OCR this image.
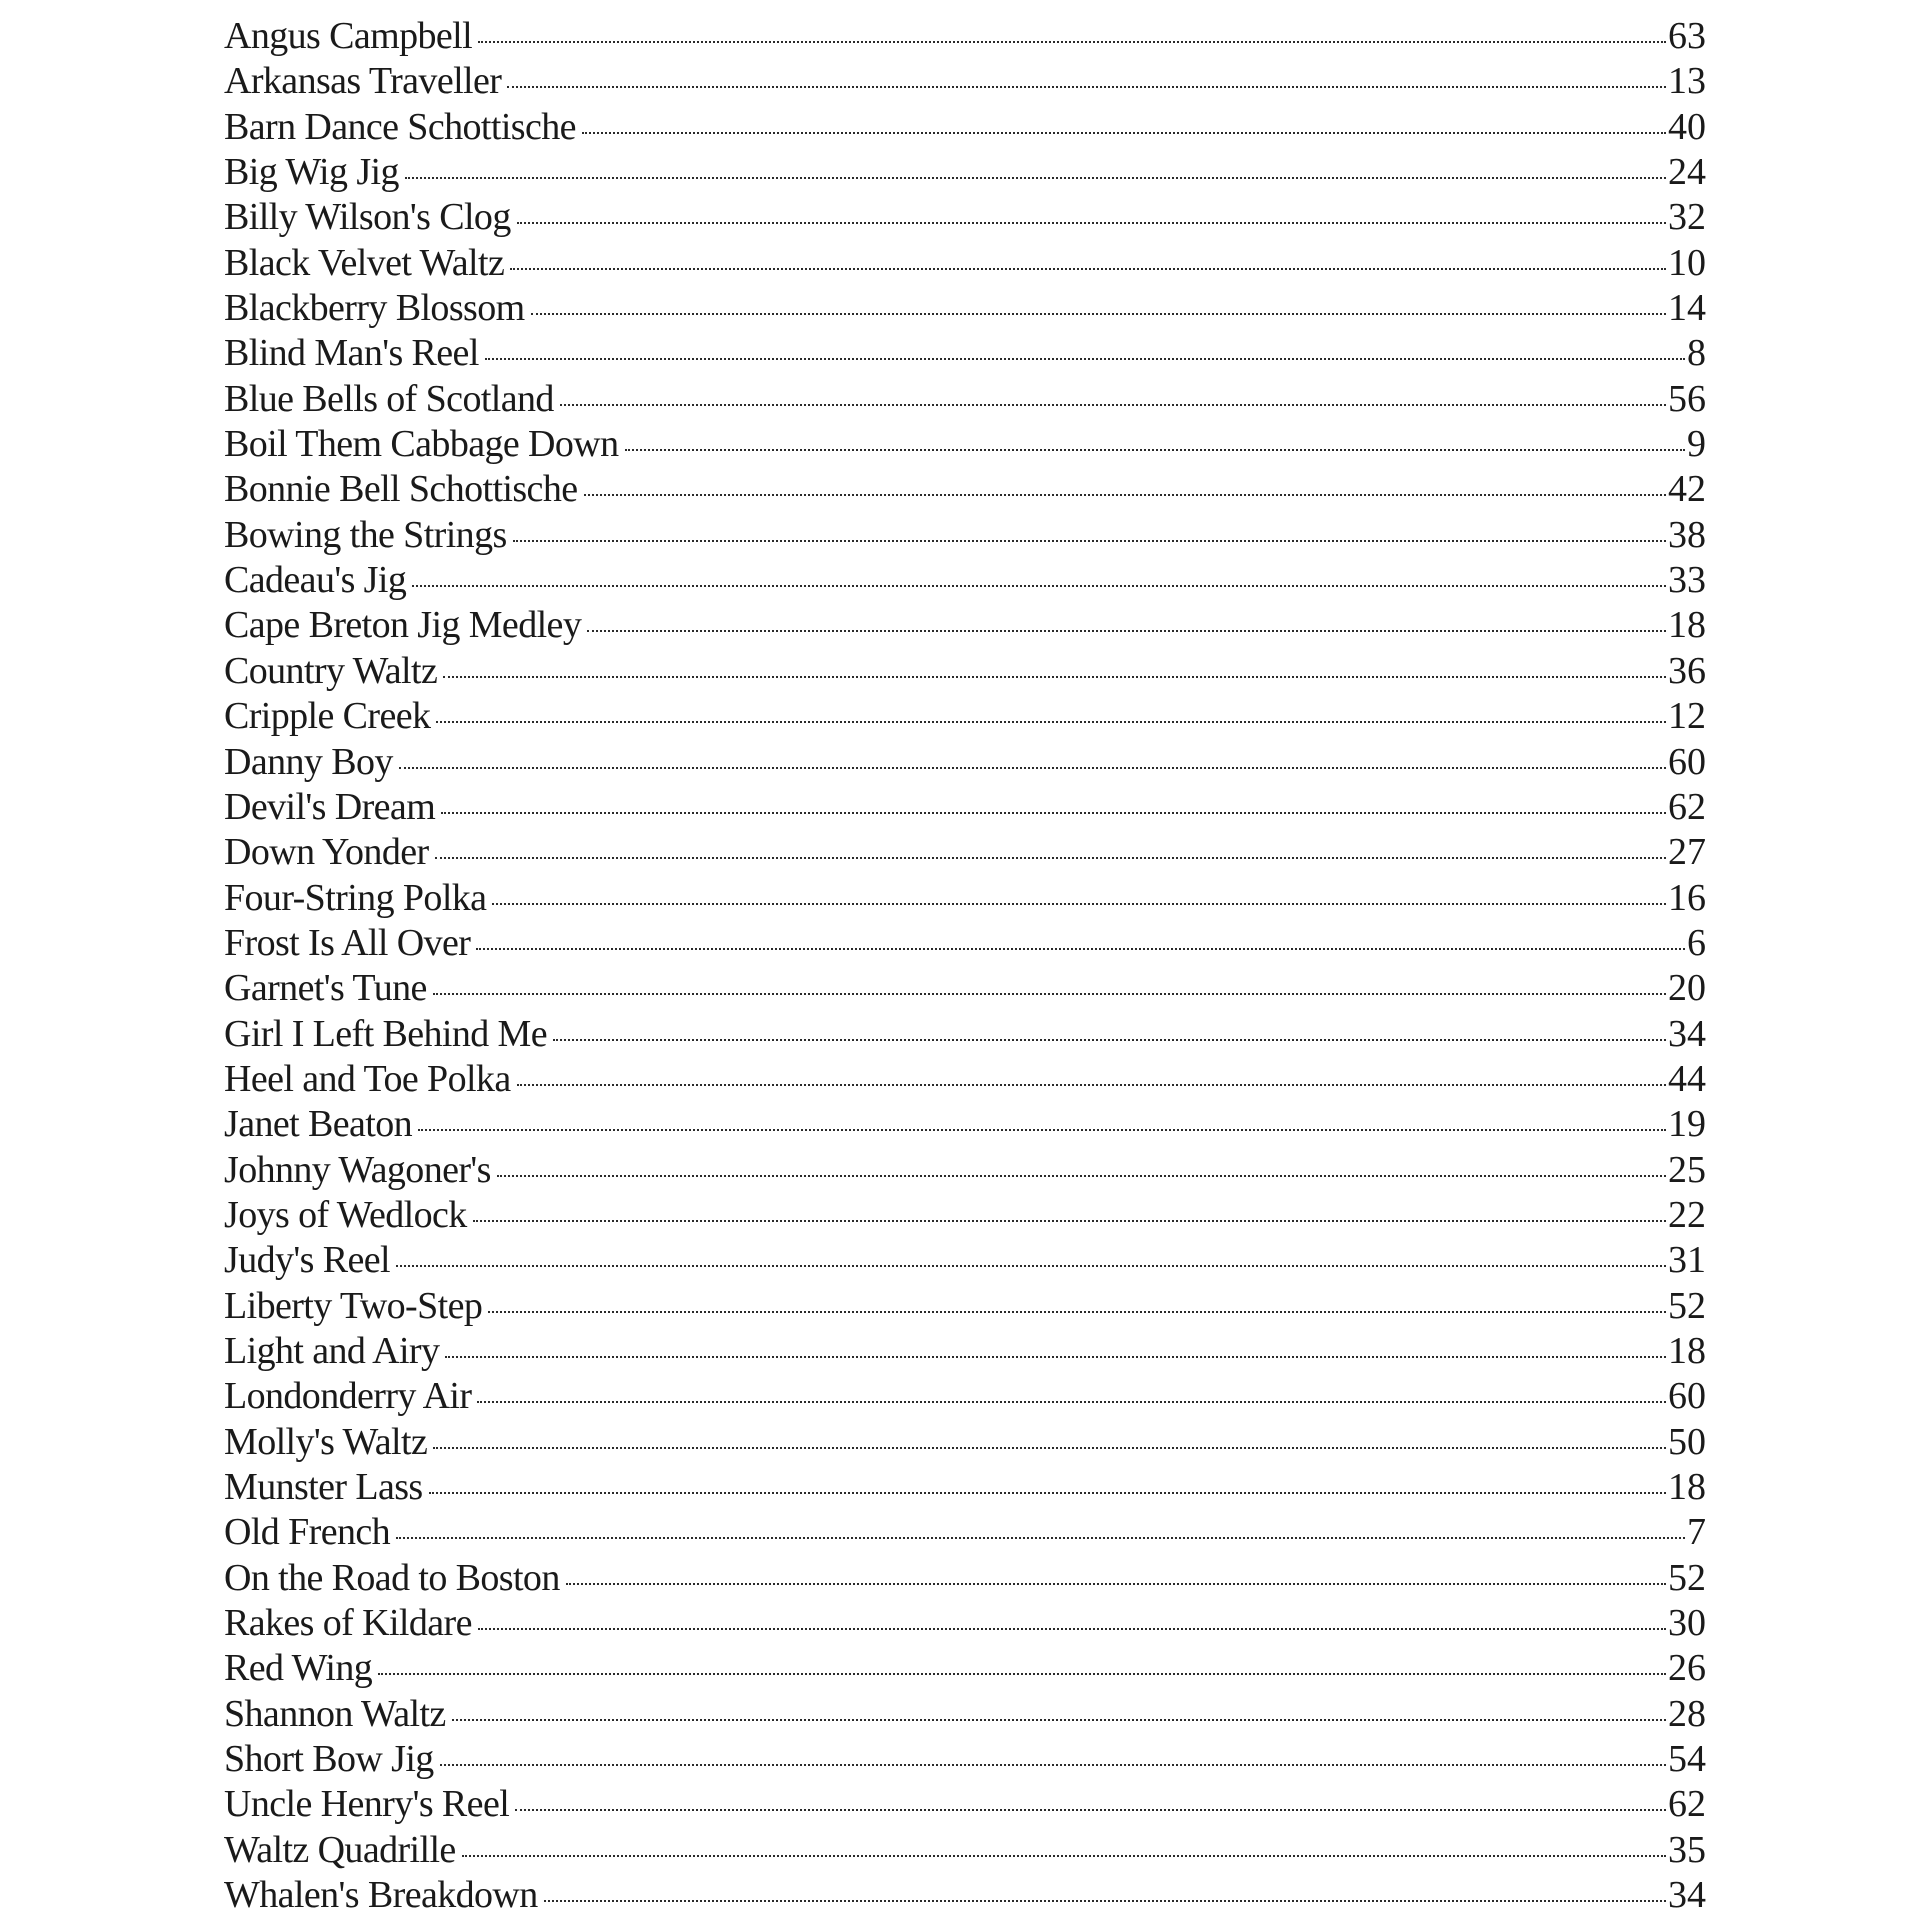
Angus Campbell	63
Arkansas Traveller	13
Barn Dance Schottische	40
Big Wig Jig	24
Billy Wilson's Clog	32
Black Velvet Waltz	10
Blackberry Blossom	14
Blind Man's Reel	8
Blue Bells of Scotland	56
Boil Them Cabbage Down	9
Bonnie Bell Schottische	42
Bowing the Strings	38
Cadeau's Jig	33
Cape Breton Jig Medley	18
Country Waltz	36
Cripple Creek	12
Danny Boy	60
Devil's Dream	62
Down Yonder	27
Four-String Polka	16
Frost Is All Over	6
Garnet's Tune	20
Girl I Left Behind Me	34
Heel and Toe Polka	44
Janet Beaton	19
Johnny Wagoner's	25
Joys of Wedlock	22
Judy's Reel	31
Liberty Two-Step	52
Light and Airy	18
Londonderry Air	60
Molly's Waltz	50
Munster Lass	18
Old French	7
On the Road to Boston	52
Rakes of Kildare	30
Red Wing	26
Shannon Waltz	28
Short Bow Jig	54
Uncle Henry's Reel	62
Waltz Quadrille	35
Whalen's Breakdown	34
